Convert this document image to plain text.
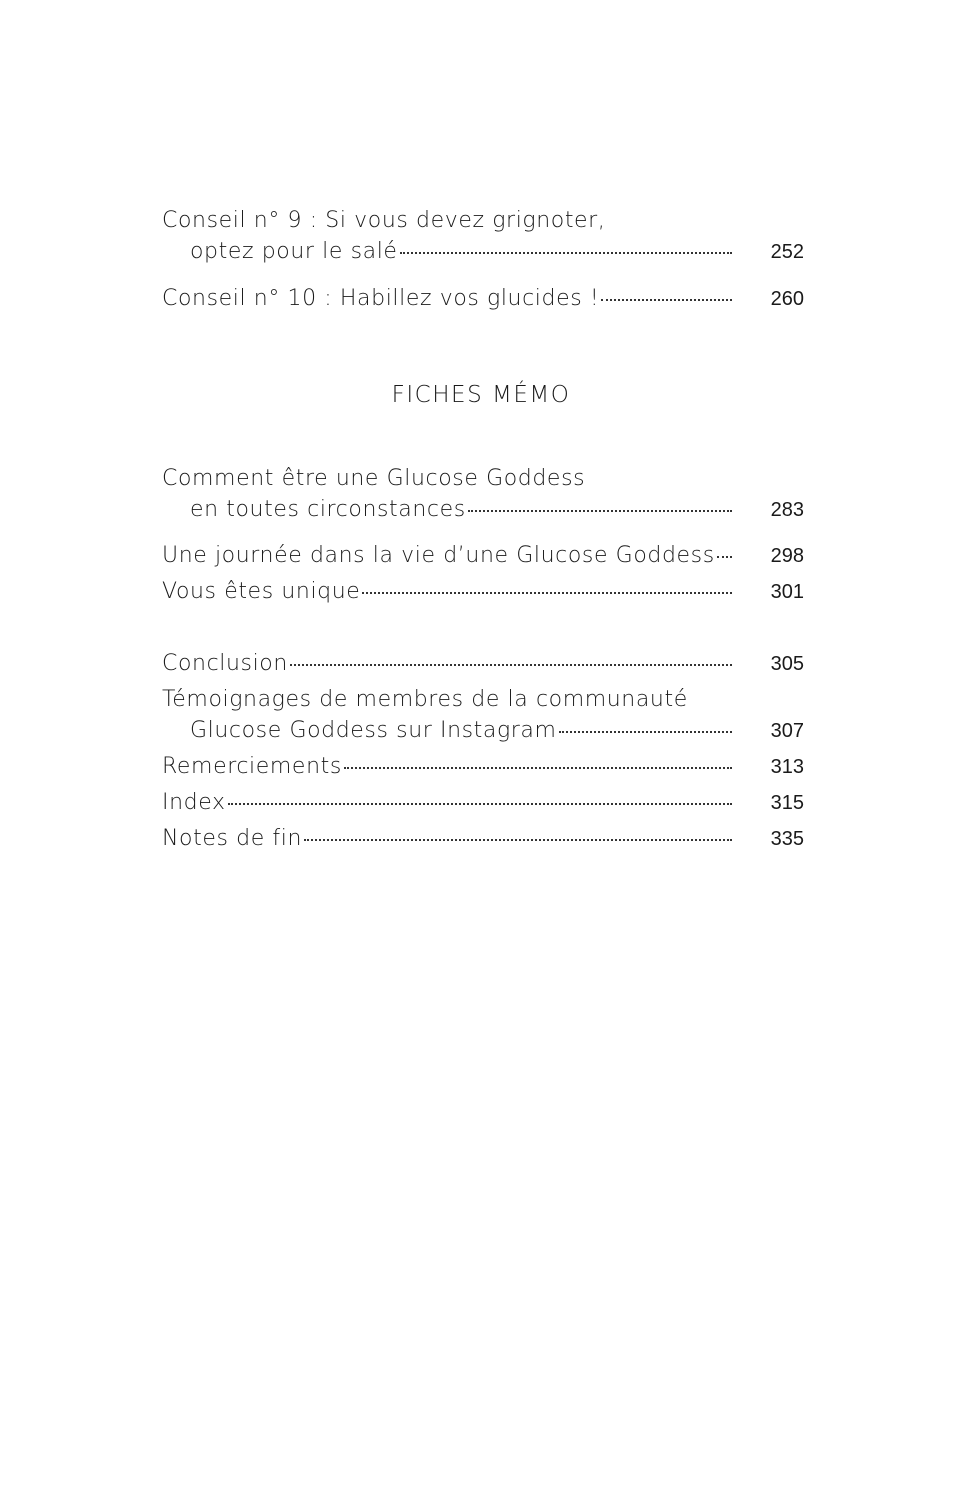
Conseil n° 9 : Si vous devez grignoter,
optez pour le salé	252
Conseil n° 10 : Habillez vos glucides !	260
FICHES MÉMO
Comment être une Glucose Goddess
en toutes circonstances	283
Une journée dans la vie d’une Glucose Goddess	298
Vous êtes unique	301
Conclusion	305
Témoignages de membres de la communauté
Glucose Goddess sur Instagram	307
Remerciements	313
Index	315
Notes de fin	335
